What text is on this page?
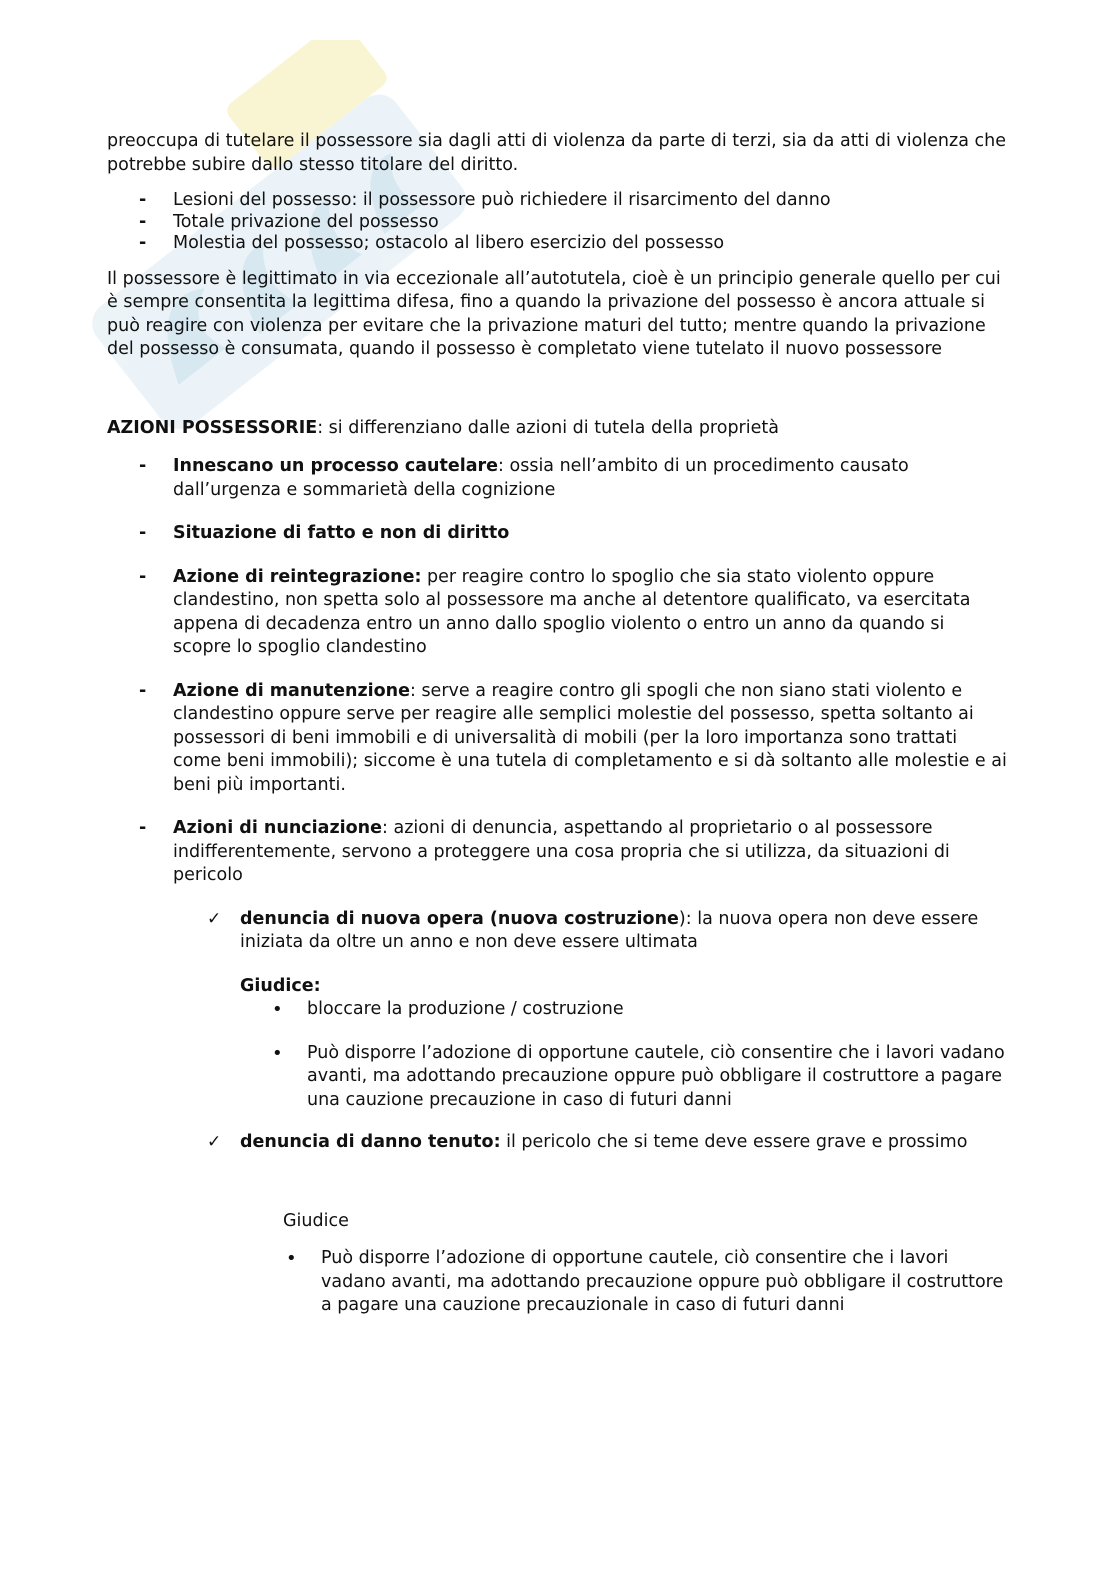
preoccupa di tutelare il possessore sia dagli atti di violenza da parte di terzi, sia da atti di violenza che potrebbe subire dallo stesso titolare del diritto.

- Lesioni del possesso: il possessore può richiedere il risarcimento del danno
- Totale privazione del possesso
- Molestia del possesso; ostacolo al libero esercizio del possesso

Il possessore è legittimato in via eccezionale all’autotutela, cioè è un principio generale quello per cui è sempre consentita la legittima difesa, fino a quando la privazione del possesso è ancora attuale si può reagire con violenza per evitare che la privazione maturi del tutto; mentre quando la privazione del possesso è consumata, quando il possesso è completato viene tutelato il nuovo possessore

AZIONI POSSESSORIE: si differenziano dalle azioni di tutela della proprietà

- Innescano un processo cautelare: ossia nell’ambito di un procedimento causato dall’urgenza e sommarietà della cognizione
- Situazione di fatto e non di diritto
- Azione di reintegrazione: per reagire contro lo spoglio che sia stato violento oppure clandestino, non spetta solo al possessore ma anche al detentore qualificato, va esercitata appena di decadenza entro un anno dallo spoglio violento o entro un anno da quando si scopre lo spoglio clandestino
- Azione di manutenzione: serve a reagire contro gli spogli che non siano stati violento e clandestino oppure serve per reagire alle semplici molestie del possesso, spetta soltanto ai possessori di beni immobili e di universalità di mobili (per la loro importanza sono trattati come beni immobili); siccome è una tutela di completamento e si dà soltanto alle molestie e ai beni più importanti.
- Azioni di nunciazione: azioni di denuncia, aspettando al proprietario o al possessore indifferentemente, servono a proteggere una cosa propria che si utilizza, da situazioni di pericolo
✓ denuncia di nuova opera (nuova costruzione): la nuova opera non deve essere iniziata da oltre un anno e non deve essere ultimata
Giudice:
• bloccare la produzione / costruzione
• Può disporre l’adozione di opportune cautele, ciò consentire che i lavori vadano avanti, ma adottando precauzione oppure può obbligare il costruttore a pagare una cauzione precauzione in caso di futuri danni
✓ denuncia di danno tenuto: il pericolo che si teme deve essere grave e prossimo
Giudice
• Può disporre l’adozione di opportune cautele, ciò consentire che i lavori vadano avanti, ma adottando precauzione oppure può obbligare il costruttore a pagare una cauzione precauzionale in caso di futuri danni
